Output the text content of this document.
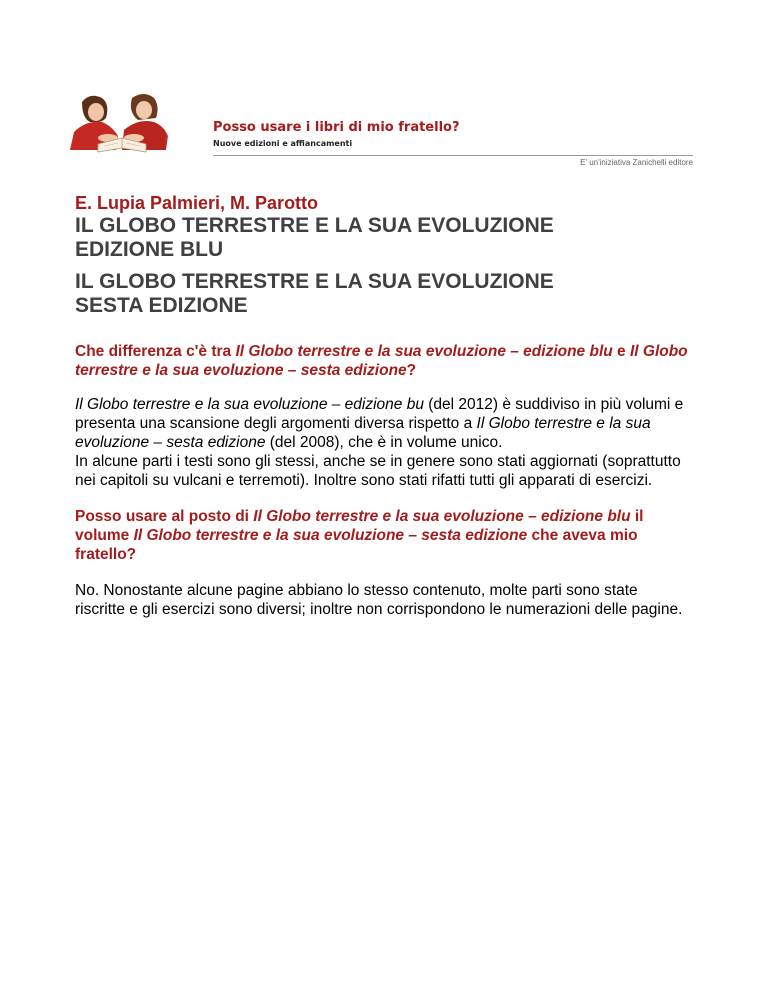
Posso usare i libri di mio fratello?
Nuove edizioni e affiancamenti
E' un'iniziativa Zanichelli editore

E. Lupia Palmieri, M. Parotto

IL GLOBO TERRESTRE E LA SUA EVOLUZIONE
EDIZIONE BLU

IL GLOBO TERRESTRE E LA SUA EVOLUZIONE
SESTA EDIZIONE

Che differenza c'è tra Il Globo terrestre e la sua evoluzione – edizione blu e Il Globo terrestre e la sua evoluzione – sesta edizione?

Il Globo terrestre e la sua evoluzione – edizione bu (del 2012) è suddiviso in più volumi e presenta una scansione degli argomenti diversa rispetto a Il Globo terrestre e la sua evoluzione – sesta edizione (del 2008), che è in volume unico.
In alcune parti i testi sono gli stessi, anche se in genere sono stati aggiornati (soprattutto nei capitoli su vulcani e terremoti). Inoltre sono stati rifatti tutti gli apparati di esercizi.

Posso usare al posto di Il Globo terrestre e la sua evoluzione – edizione blu il volume Il Globo terrestre e la sua evoluzione – sesta edizione che aveva mio fratello?

No. Nonostante alcune pagine abbiano lo stesso contenuto, molte parti sono state riscritte e gli esercizi sono diversi; inoltre non corrispondono le numerazioni delle pagine.
